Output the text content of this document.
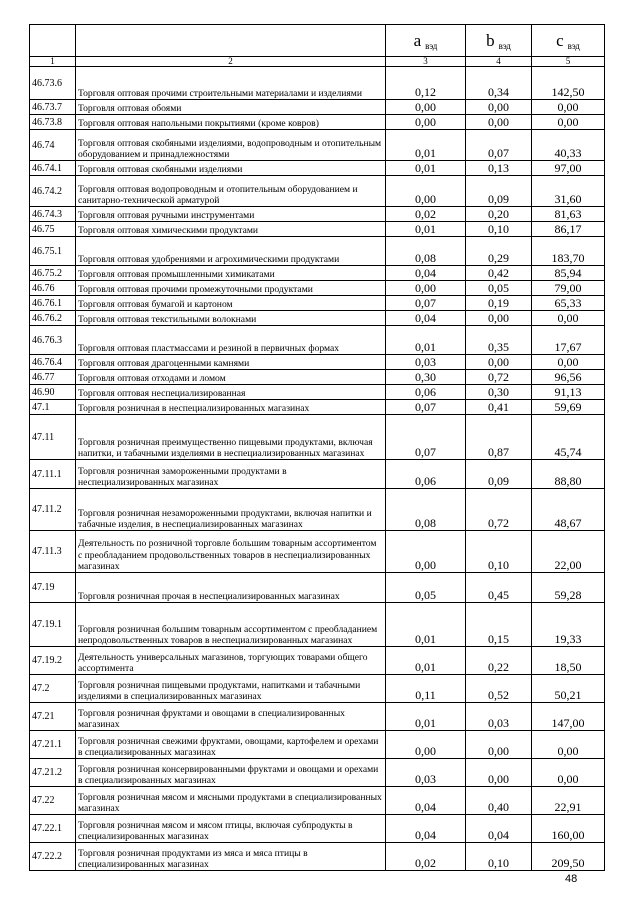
		a вэд	b вэд	c вэд
1	2	3	4	5
46.73.6	Торговля оптовая прочими строительными материалами и изделиями	0,12	0,34	142,50
46.73.7	Торговля оптовая обоями	0,00	0,00	0,00
46.73.8	Торговля оптовая напольными покрытиями (кроме ковров)	0,00	0,00	0,00
46.74	Торговля оптовая скобяными изделиями, водопроводным и отопительным оборудованием и принадлежностями	0,01	0,07	40,33
46.74.1	Торговля оптовая скобяными изделиями	0,01	0,13	97,00
46.74.2	Торговля оптовая водопроводным и отопительным оборудованием и санитарно-технической арматурой	0,00	0,09	31,60
46.74.3	Торговля оптовая ручными инструментами	0,02	0,20	81,63
46.75	Торговля оптовая химическими продуктами	0,01	0,10	86,17
46.75.1	Торговля оптовая удобрениями и агрохимическими продуктами	0,08	0,29	183,70
46.75.2	Торговля оптовая промышленными химикатами	0,04	0,42	85,94
46.76	Торговля оптовая прочими промежуточными продуктами	0,00	0,05	79,00
46.76.1	Торговля оптовая бумагой и картоном	0,07	0,19	65,33
46.76.2	Торговля оптовая текстильными волокнами	0,04	0,00	0,00
46.76.3	Торговля оптовая пластмассами и резиной в первичных формах	0,01	0,35	17,67
46.76.4	Торговля оптовая драгоценными камнями	0,03	0,00	0,00
46.77	Торговля оптовая отходами и ломом	0,30	0,72	96,56
46.90	Торговля оптовая неспециализированная	0,06	0,30	91,13
47.1	Торговля розничная в неспециализированных магазинах	0,07	0,41	59,69
47.11	Торговля розничная преимущественно пищевыми продуктами, включая напитки, и табачными изделиями в неспециализированных магазинах	0,07	0,87	45,74
47.11.1	Торговля розничная замороженными продуктами в неспециализированных магазинах	0,06	0,09	88,80
47.11.2	Торговля розничная незамороженными продуктами, включая напитки и табачные изделия, в неспециализированных магазинах	0,08	0,72	48,67
47.11.3	Деятельность по розничной торговле большим товарным ассортиментом с преобладанием продовольственных товаров в неспециализированных магазинах	0,00	0,10	22,00
47.19	Торговля розничная прочая в неспециализированных магазинах	0,05	0,45	59,28
47.19.1	Торговля розничная большим товарным ассортиментом с преобладанием непродовольственных товаров в неспециализированных магазинах	0,01	0,15	19,33
47.19.2	Деятельность универсальных магазинов, торгующих товарами общего ассортимента	0,01	0,22	18,50
47.2	Торговля розничная пищевыми продуктами, напитками и табачными изделиями в специализированных магазинах	0,11	0,52	50,21
47.21	Торговля розничная фруктами и овощами в специализированных магазинах	0,01	0,03	147,00
47.21.1	Торговля розничная свежими фруктами, овощами, картофелем и орехами в специализированных магазинах	0,00	0,00	0,00
47.21.2	Торговля розничная консервированными фруктами и овощами и орехами в специализированных магазинах	0,03	0,00	0,00
47.22	Торговля розничная мясом и мясными продуктами в специализированных магазинах	0,04	0,40	22,91
47.22.1	Торговля розничная мясом и мясом птицы, включая субпродукты в специализированных магазинах	0,04	0,04	160,00
47.22.2	Торговля розничная продуктами из мяса и мяса птицы в специализированных магазинах	0,02	0,10	209,50
48
